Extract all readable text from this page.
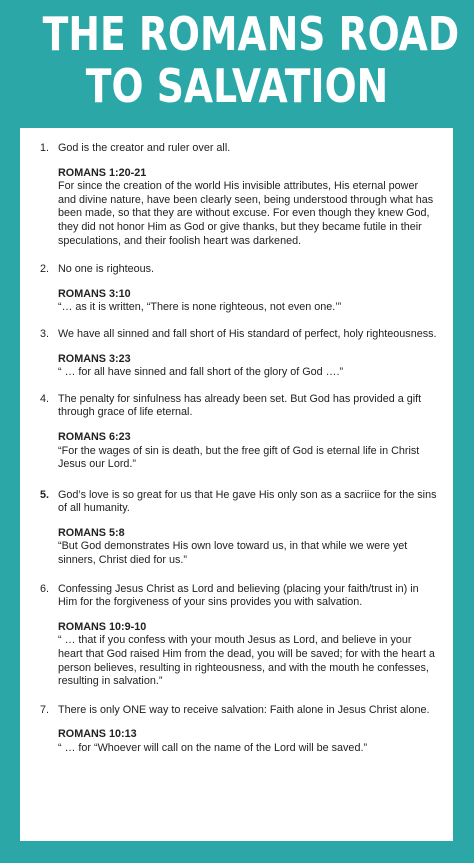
THE ROMANS ROAD
TO SALVATION
1. God is the creator and ruler over all.

ROMANS 1:20-21

For since the creation of the world His invisible attributes, His eternal power and divine nature, have been clearly seen, being understood through what has been made, so that they are without excuse. For even though they knew God, they did not honor Him as God or give thanks, but they became futile in their speculations, and their foolish heart was darkened.

2. No one is righteous.

ROMANS 3:10

“… as it is written, “There is none righteous, not even one.’”

3. We have all sinned and fall short of His standard of perfect, holy righteousness.

ROMANS 3:23

“ … for all have sinned and fall short of the glory of God ….”

4. The penalty for sinfulness has already been set. But God has provided a gift through grace of life eternal.

ROMANS 6:23

“For the wages of sin is death, but the free gift of God is eternal life in Christ Jesus our Lord.”

5. God’s love is so great for us that He gave His only son as a sacriice for the sins of all humanity.

ROMANS 5:8

“But God demonstrates His own love toward us, in that while we were yet sinners, Christ died for us.”

6. Confessing Jesus Christ as Lord and believing (placing your faith/trust in) in Him for the forgiveness of your sins provides you with salvation.

ROMANS 10:9-10

“ … that if you confess with your mouth Jesus as Lord, and believe in your heart that God raised Him from the dead, you will be saved; for with the heart a person believes, resulting in righteousness, and with the mouth he confesses, resulting in salvation.”

7. There is only ONE way to receive salvation: Faith alone in Jesus Christ alone.

ROMANS 10:13

“ … for “Whoever will call on the name of the Lord will be saved.”
